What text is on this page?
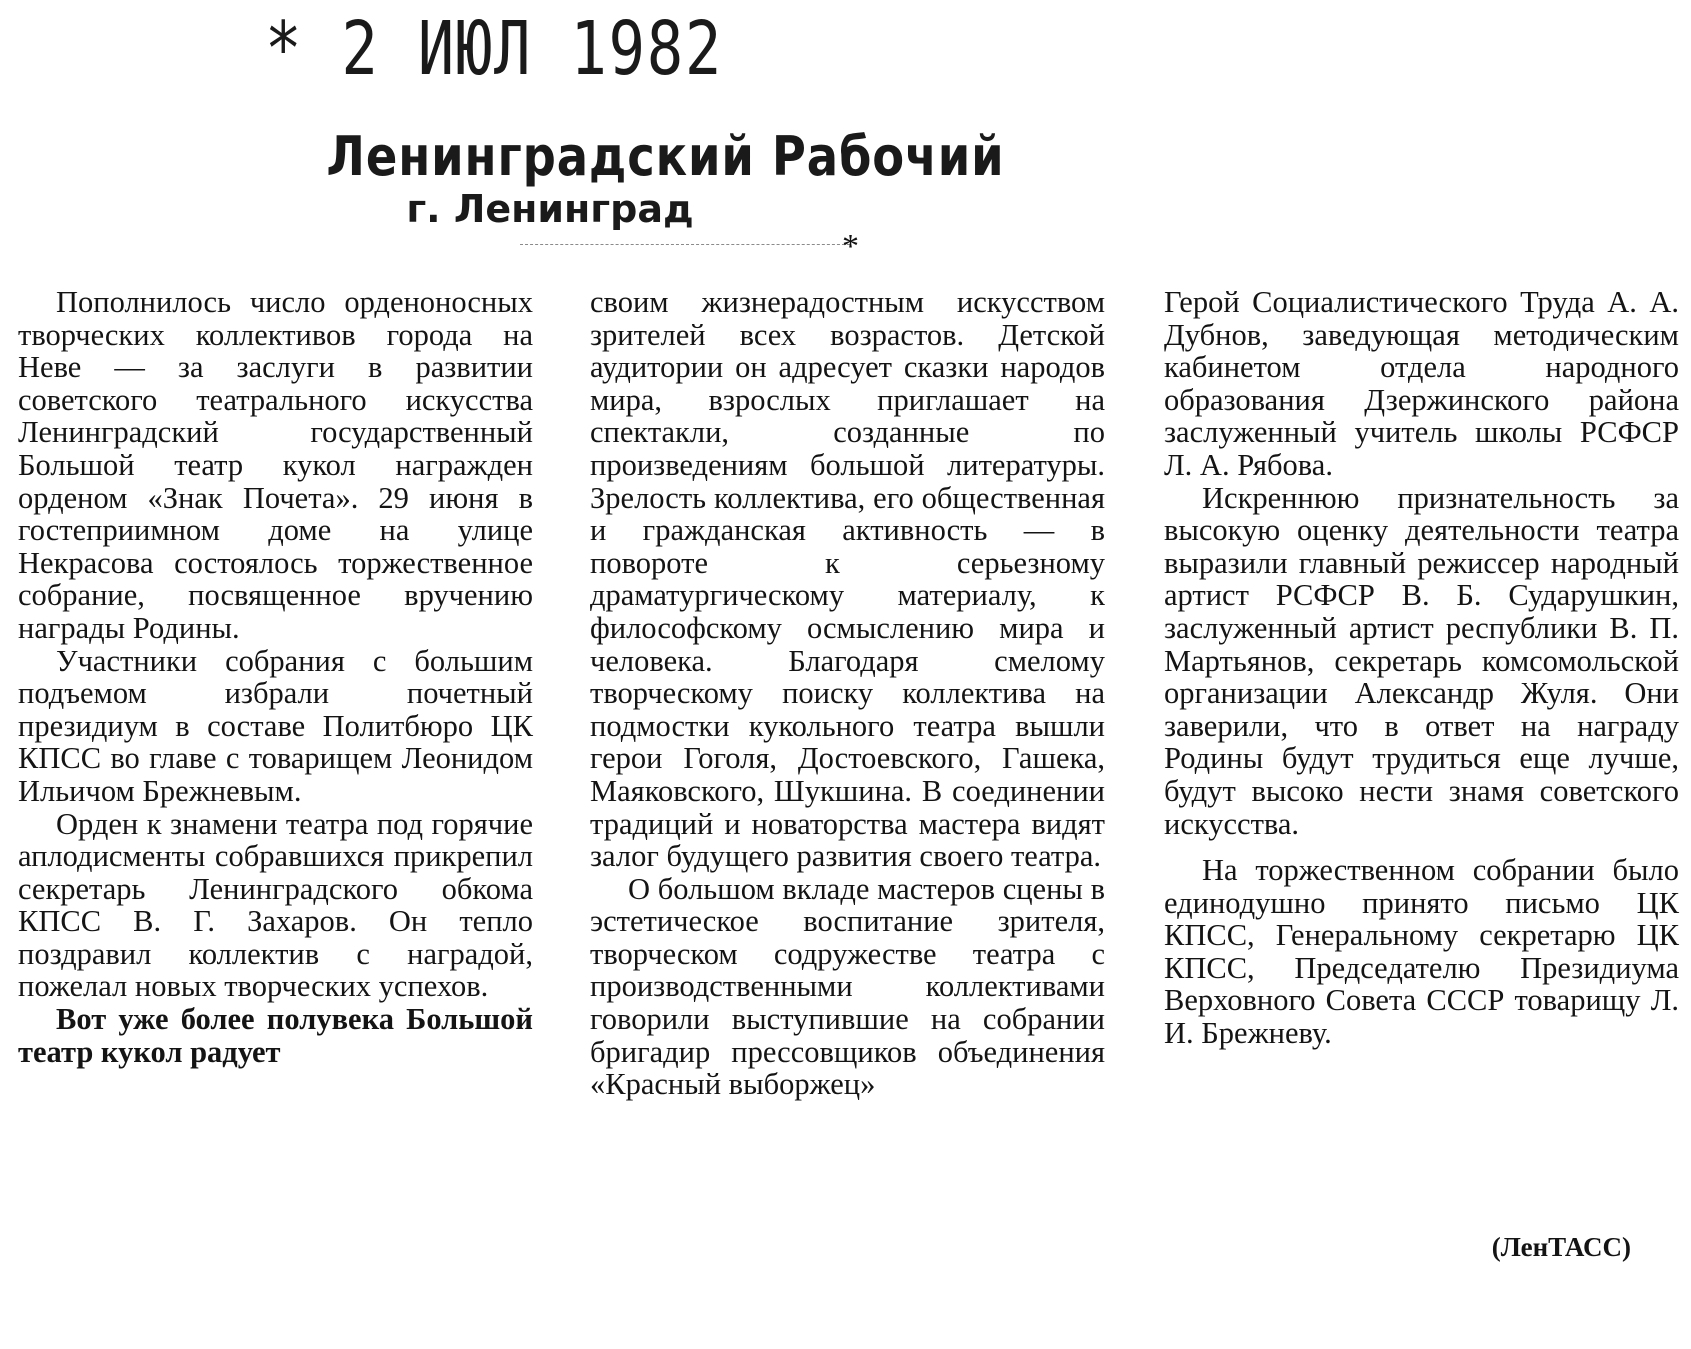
* 2 ИЮЛ 1982
Ленинградский Рабочий
г. Ленинград
*

Пополнилось число орденоносных творческих коллективов города на Неве — за заслуги в развитии советского театрального искусства Ленинградский государственный Большой театр кукол награжден орденом «Знак Почета». 29 июня в гостеприимном доме на улице Некрасова состоялось торжественное собрание, посвященное вручению награды Родины.

Участники собрания с большим подъемом избрали почетный президиум в составе Политбюро ЦК КПСС во главе с товарищем Леонидом Ильичом Брежневым.

Орден к знамени театра под горячие аплодисменты собравшихся прикрепил секретарь Ленинградского обкома КПСС В. Г. Захаров. Он тепло поздравил коллектив с наградой, пожелал новых творческих успехов.

Вот уже более полувека Большой театр кукол радует

своим жизнерадостным искусством зрителей всех возрастов. Детской аудитории он адресует сказки народов мира, взрослых приглашает на спектакли, созданные по произведениям большой литературы. Зрелость коллектива, его общественная и гражданская активность — в повороте к серьезному драматургическому материалу, к философскому осмыслению мира и человека. Благодаря смелому творческому поиску коллектива на подмостки кукольного театра вышли герои Гоголя, Достоевского, Гашека, Маяковского, Шукшина. В соединении традиций и новаторства мастера видят залог будущего развития своего театра.

О большом вкладе мастеров сцены в эстетическое воспитание зрителя, творческом содружестве театра с производственными коллективами говорили выступившие на собрании бригадир прессовщиков объединения «Красный выборжец»

Герой Социалистического Труда А. А. Дубнов, заведующая методическим кабинетом отдела народного образования Дзержинского района заслуженный учитель школы РСФСР Л. А. Рябова.

Искреннюю признательность за высокую оценку деятельности театра выразили главный режиссер народный артист РСФСР В. Б. Сударушкин, заслуженный артист республики В. П. Мартьянов, секретарь комсомольской организации Александр Жуля. Они заверили, что в ответ на награду Родины будут трудиться еще лучше, будут высоко нести знамя советского искусства.

На торжественном собрании было единодушно принято письмо ЦК КПСС, Генеральному секретарю ЦК КПСС, Председателю Президиума Верховного Совета СССР товарищу Л. И. Брежневу.

(ЛенТАСС)
